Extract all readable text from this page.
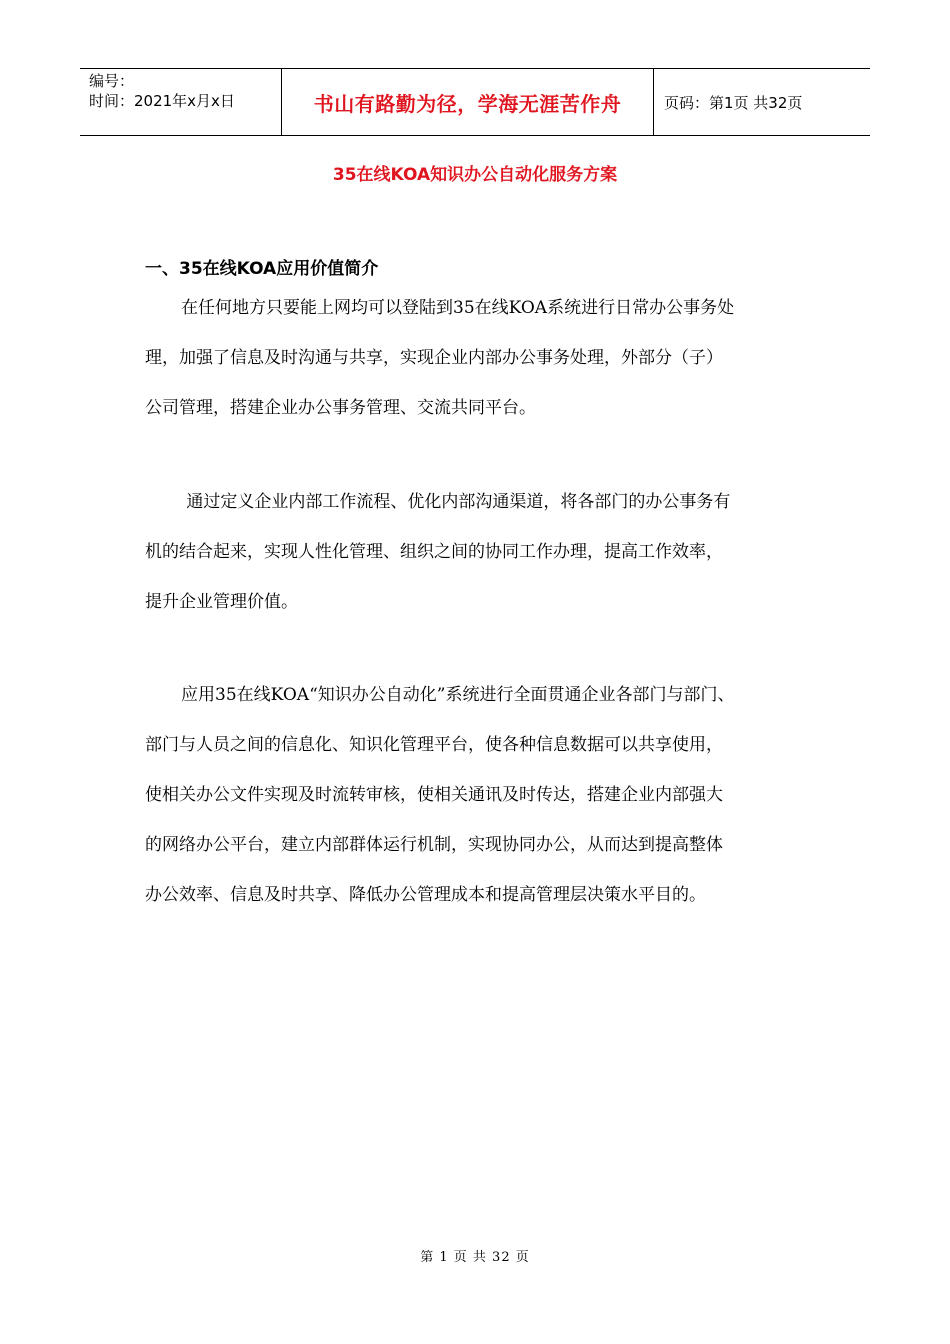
编号：
时间：2021年x月x日	书山有路勤为径，学海无涯苦作舟	页码：第1页 共32页
35在线KOA知识办公自动化服务方案
一、35在线KOA应用价值简介
在任何地方只要能上网均可以登陆到35在线KOA系统进行日常办公事务处
理，加强了信息及时沟通与共享，实现企业内部办公事务处理，外部分（子）
公司管理，搭建企业办公事务管理、交流共同平台。
通过定义企业内部工作流程、优化内部沟通渠道，将各部门的办公事务有
机的结合起来，实现人性化管理、组织之间的协同工作办理，提高工作效率，
提升企业管理价值。
应用35在线KOA“知识办公自动化”系统进行全面贯通企业各部门与部门、
部门与人员之间的信息化、知识化管理平台，使各种信息数据可以共享使用，
使相关办公文件实现及时流转审核，使相关通讯及时传达，搭建企业内部强大
的网络办公平台，建立内部群体运行机制，实现协同办公，从而达到提高整体
办公效率、信息及时共享、降低办公管理成本和提高管理层决策水平目的。
第 1 页 共 32 页
